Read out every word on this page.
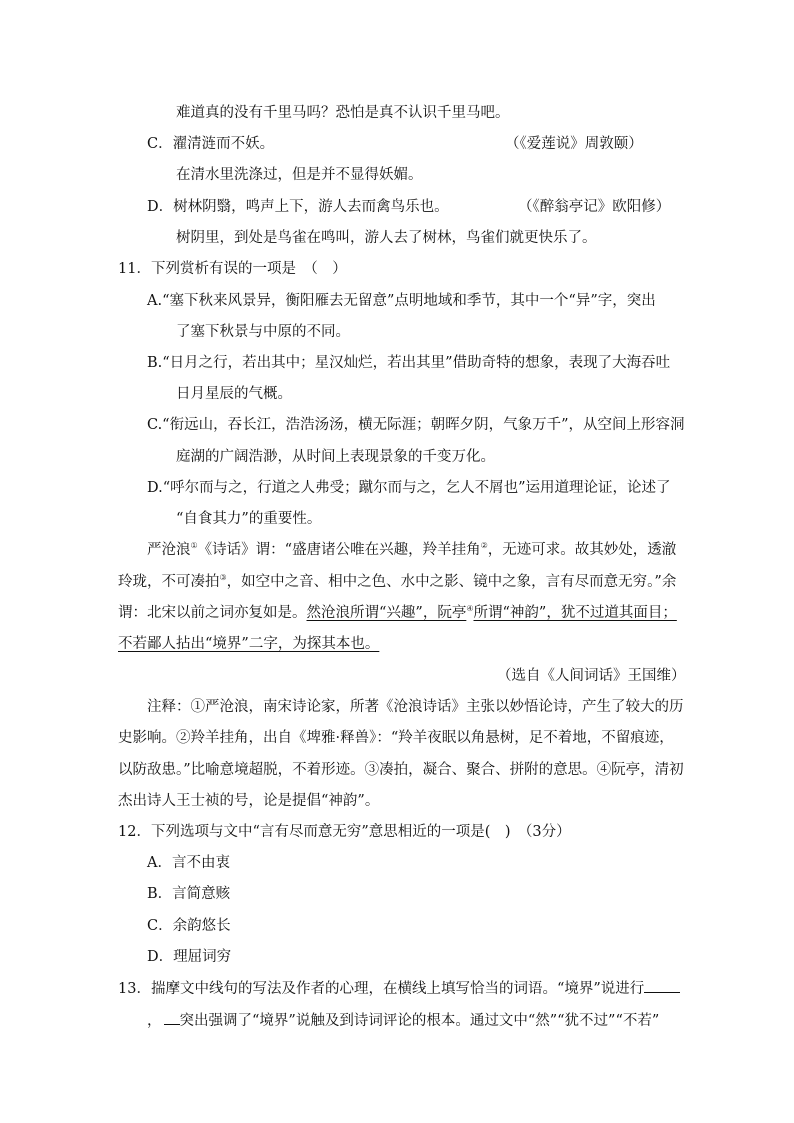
难道真的没有千里马吗？恐怕是真不认识千里马吧。
C．濯清涟而不妖。	（《爱莲说》周敦颐）
在清水里洗涤过，但是并不显得妖媚。
D．树林阴翳，鸣声上下，游人去而禽鸟乐也。	（《醉翁亭记》欧阳修）
树阴里，到处是鸟雀在鸣叫，游人去了树林，鸟雀们就更快乐了。
11．下列赏析有误的一项是　（　）
A.“塞下秋来风景异，衡阳雁去无留意”点明地域和季节，其中一个“异”字，突出
了塞下秋景与中原的不同。
B.“日月之行，若出其中；星汉灿烂，若出其里”借助奇特的想象，表现了大海吞吐
日月星辰的气概。
C.“衔远山，吞长江，浩浩汤汤，横无际涯；朝晖夕阴，气象万千”，从空间上形容洞
庭湖的广阔浩渺，从时间上表现景象的千变万化。
D.“呼尔而与之，行道之人弗受；蹴尔而与之，乞人不屑也”运用道理论证，论述了
“自食其力”的重要性。
严沧浪①《诗话》谓：“盛唐诸公唯在兴趣，羚羊挂角②，无迹可求。故其妙处，透澈
玲珑，不可凑拍③，如空中之音、相中之色、水中之影、镜中之象，言有尽而意无穷。”余
谓：北宋以前之词亦复如是。然沧浪所谓“兴趣”，阮亭④所谓“神韵”，犹不过道其面目；
不若鄙人拈出“境界”二字，为探其本也。
（选自《人间词话》王国维）
注释：①严沧浪，南宋诗论家，所著《沧浪诗话》主张以妙悟论诗，产生了较大的历
史影响。②羚羊挂角，出自《埤雅·释兽》：“羚羊夜眠以角悬树，足不着地，不留痕迹，
以防敌患。”比喻意境超脱，不着形迹。③凑拍，凝合、聚合、拼附的意思。④阮亭，清初
杰出诗人王士祯的号，论是提倡“神韵”。
12．下列选项与文中“言有尽而意无穷”意思相近的一项是(　)　（3分）
A．言不由衷
B．言简意赅
C．余韵悠长
D．理屈词穷
13．揣摩文中线句的写法及作者的心理，在横线上填写恰当的词语。“境界”说进行
， 突出强调了“境界”说触及到诗词评论的根本。通过文中“然”“犹不过”“不若”
